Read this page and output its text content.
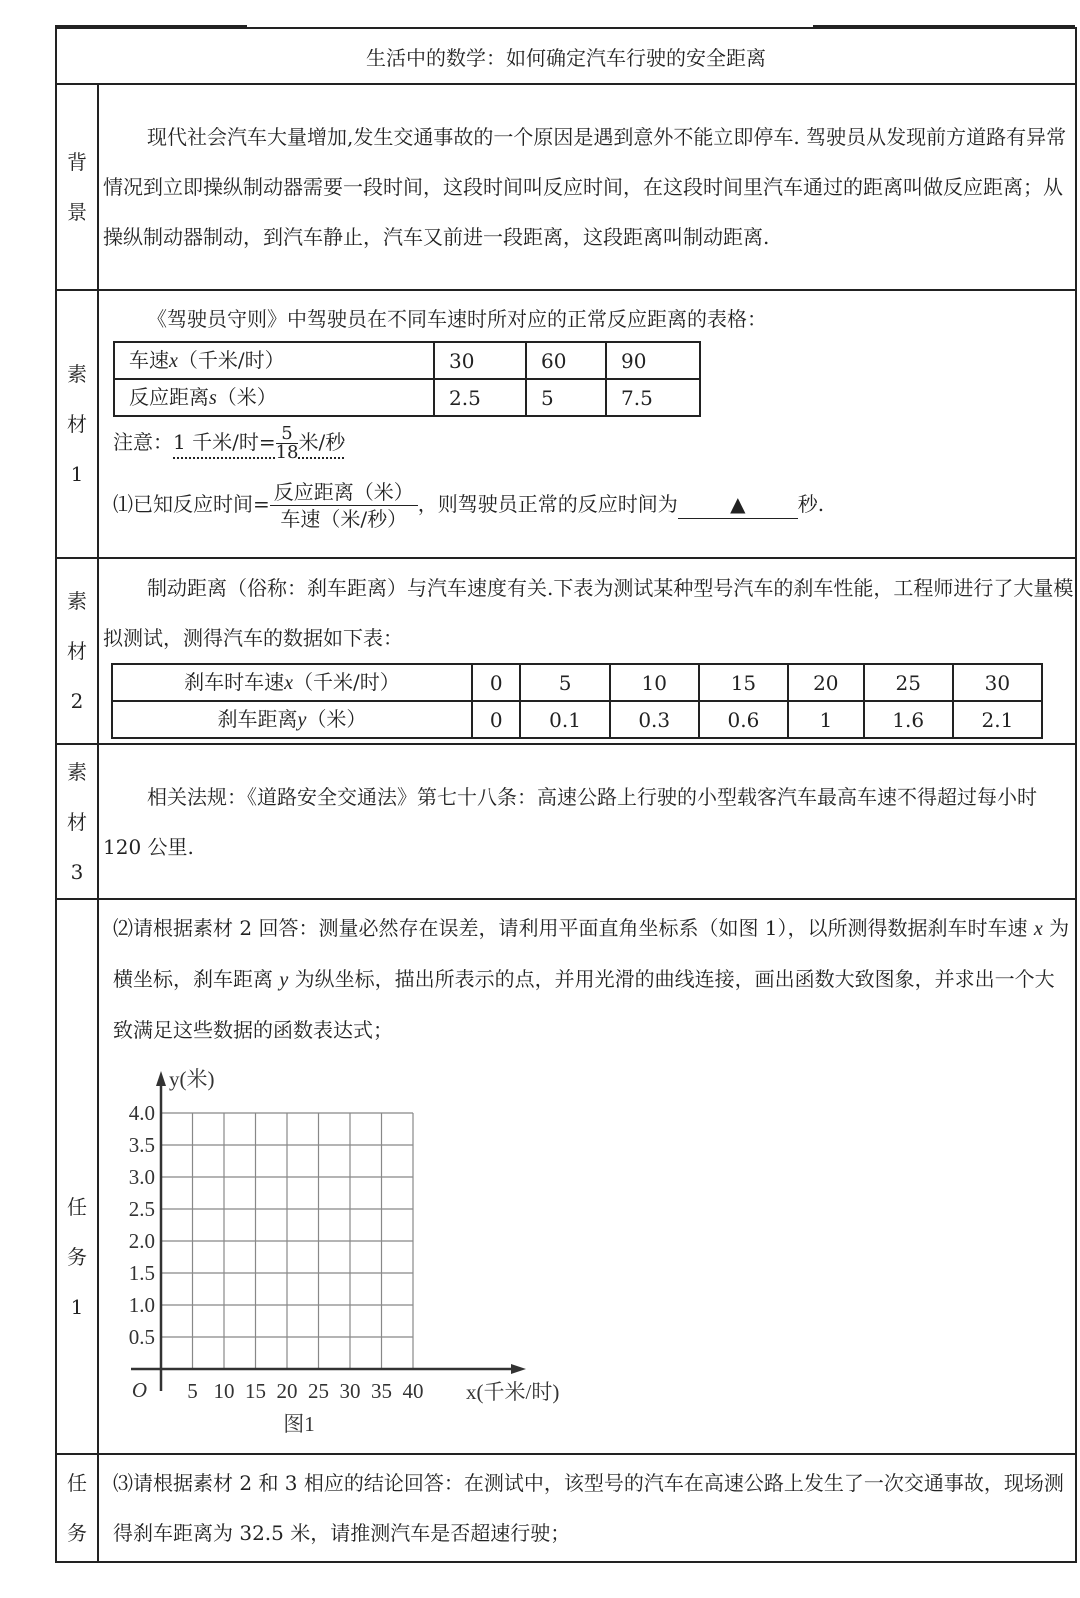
生活中的数学：如何确定汽车行驶的安全距离
背
景	现代社会汽车大量增加,发生交通事故的一个原因是遇到意外不能立即停车. 驾驶员从发现前方道路有异常情况到立即操纵制动器需要一段时间，这段时间叫反应时间，在这段时间里汽车通过的距离叫做反应距离；从操纵制动器制动，到汽车静止，汽车又前进一段距离，这段距离叫制动距离.
素
材
1	
《驾驶员守则》中驾驶员在不同车速时所对应的正常反应距离的表格：
车速x（千米/时）	30	60	90
反应距离s（米）	2.5	5	7.5
注意：1 千米/时= $\frac{5}{18}$ 米/秒
⑴已知反应时间= $\frac{\text{反应距离（米）}}{\text{车速（米/秒）}}$ ，则驾驶员正常的反应时间为	▲	秒.

素
材
2	
制动距离（俗称：刹车距离）与汽车速度有关.下表为测试某种型号汽车的刹车性能，工程师进行了大量模拟测试，测得汽车的数据如下表：
刹车时车速x（千米/时）	0	5	10	15	20	25	30
刹车距离y（米）	0	0.1	0.3	0.6	1	1.6	2.1

素
材
3	相关法规：《道路安全交通法》第七十八条：高速公路上行驶的小型载客汽车最高车速不得超过每小时 120 公里.
任
务
1	
⑵请根据素材 2 回答：测量必然存在误差，请利用平面直角坐标系（如图 1），以所测得数据刹车时车速 x 为横坐标，刹车距离 y 为纵坐标，描出所表示的点，并用光滑的曲线连接，画出函数大致图象，并求出一个大致满足这些数据的函数表达式；
5 10 15 20 25 30 35 40
0.5
1.0
1.5
2.0
2.5
3.0
3.5
4.0
O
y(米)
x(千米/时)
图1

任
务	⑶请根据素材 2 和 3 相应的结论回答：在测试中，该型号的汽车在高速公路上发生了一次交通事故，现场测得刹车距离为 32.5 米，请推测汽车是否超速行驶；
